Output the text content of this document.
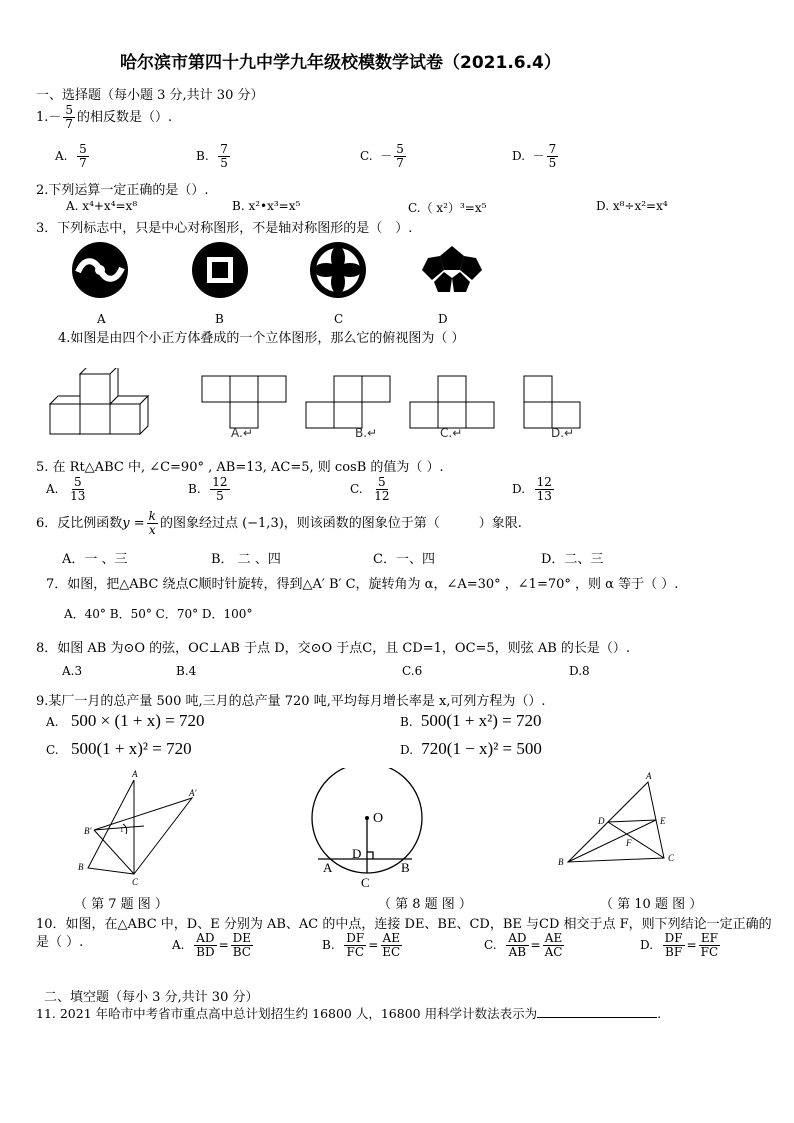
哈尔滨市第四十九中学九年级校模数学试卷（2021.6.4）
一、选择题（每小题 3 分,共计 30 分）
$1.- \frac{5}{7}$ 的相反数是（）.
A. $\frac{5}{7}$	B. $\frac{7}{5}$	C. － $\frac{5}{7}$	D. － $\frac{7}{5}$
2.下列运算一定正确的是（）.
A. x⁴+x⁴=x⁸	B. x²•x³=x⁵	C.（ x²）³=x⁵	D. x⁸÷x²=x⁴
3．下列标志中，只是中心对称图形，不是轴对称图形的是（　）.
A	B	C	D
4.如图是由四个小正方体叠成的一个立体图形，那么它的俯视图为（ ）
A.↵	B.↵	C.↵	D.↵
5. 在 Rt△ABC 中, ∠C=90° , AB=13, AC=5, 则 cosB 的值为（ ）.
A. $\frac{5}{13}$	B. $\frac{12}{5}$	C. $\frac{5}{12}$	D. $\frac{12}{13}$
6．反比例函数$y = \frac{k}{x}$ 的图象经过点 (−1,3)，则该函数的图象位于第（　　　）象限.
A．一 、三	B． 二 、四	C．一、四	D．二、三
7．如图，把△ABC 绕点C顺时针旋转，得到△A′ B′ C，旋转角为 α，∠A=30° ，∠1=70° ，则 α 等于（ ）.
A．40° B．50° C．70° D．100°
8．如图 AB 为⊙O 的弦，OC⊥AB 于点 D，交⊙O 于点C，且 CD=1，OC=5，则弦 AB 的长是（）.
A.3	B.4	C.6	D.8
9.某厂一月的总产量 500 吨,三月的总产量 720 吨,平均每月增长率是 x,可列方程为（）.
A. 500 × (1 + x) = 720	B. 500(1 + x²) = 720
C. 500(1 + x)² = 720	D. 720(1 − x)² = 500
A
A′
B
B′
C
1
O
D
A	B
C
A
B	C
D	E
F
（ 第 7 题 图 ）	（ 第 8 题 图 ）	（ 第 10 题 图 ）
10．如图，在△ABC 中，D、E 分别为 AB、AC 的中点，连接 DE、BE、CD，BE 与CD 相交于点 F，则下列结论一定正确的
是（ ）.	A. $\frac{AD}{BD} = \frac{DE}{BC}$	B. $\frac{DF}{FC} = \frac{AE}{EC}$	C. $\frac{AD}{AB} = \frac{AE}{AC}$	D. $\frac{DF}{BF} = \frac{EF}{FC}$
二、填空题（每小 3 分,共计 30 分）
11. 2021 年哈市中考省市重点高中总计划招生约 16800 人，16800 用科学计数法表示为	.
